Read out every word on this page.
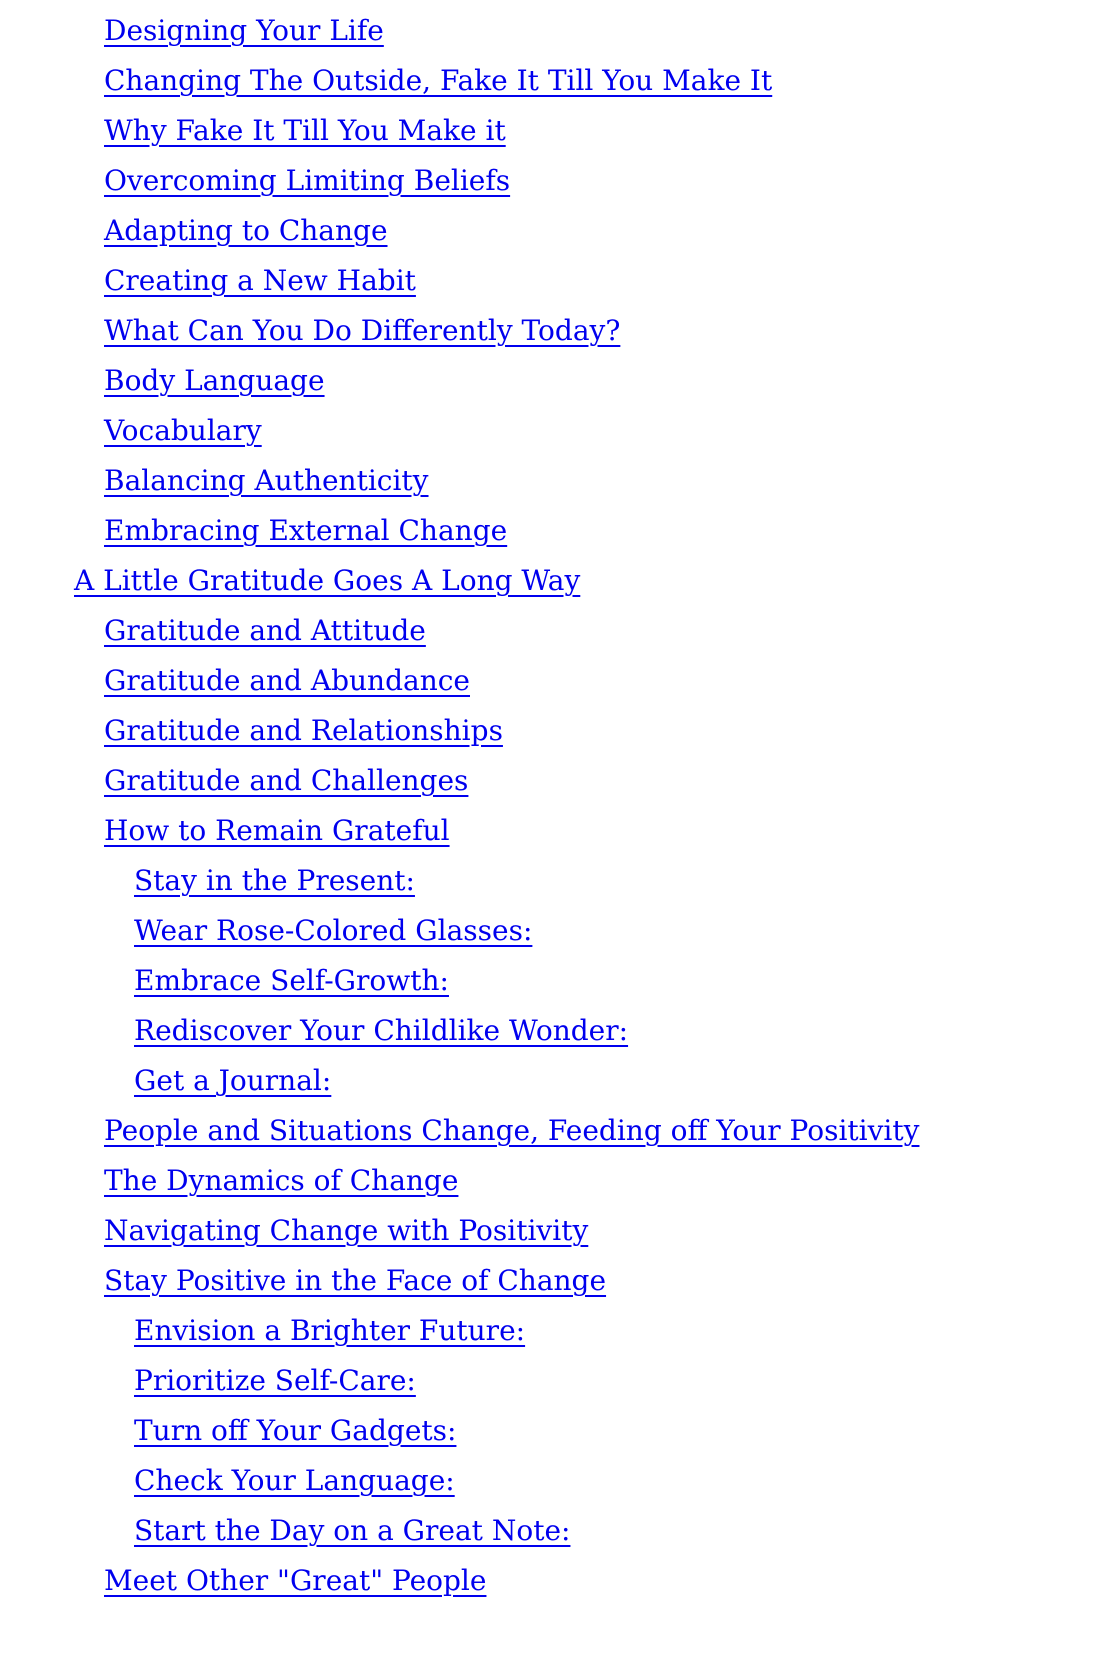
Designing Your Life
Changing The Outside, Fake It Till You Make It
Why Fake It Till You Make it
Overcoming Limiting Beliefs
Adapting to Change
Creating a New Habit
What Can You Do Differently Today?
Body Language
Vocabulary
Balancing Authenticity
Embracing External Change
A Little Gratitude Goes A Long Way
Gratitude and Attitude
Gratitude and Abundance
Gratitude and Relationships
Gratitude and Challenges
How to Remain Grateful
Stay in the Present:
Wear Rose-Colored Glasses:
Embrace Self-Growth:
Rediscover Your Childlike Wonder:
Get a Journal:
People and Situations Change, Feeding off Your Positivity
The Dynamics of Change
Navigating Change with Positivity
Stay Positive in the Face of Change
Envision a Brighter Future:
Prioritize Self-Care:
Turn off Your Gadgets:
Check Your Language:
Start the Day on a Great Note:
Meet Other "Great" People
